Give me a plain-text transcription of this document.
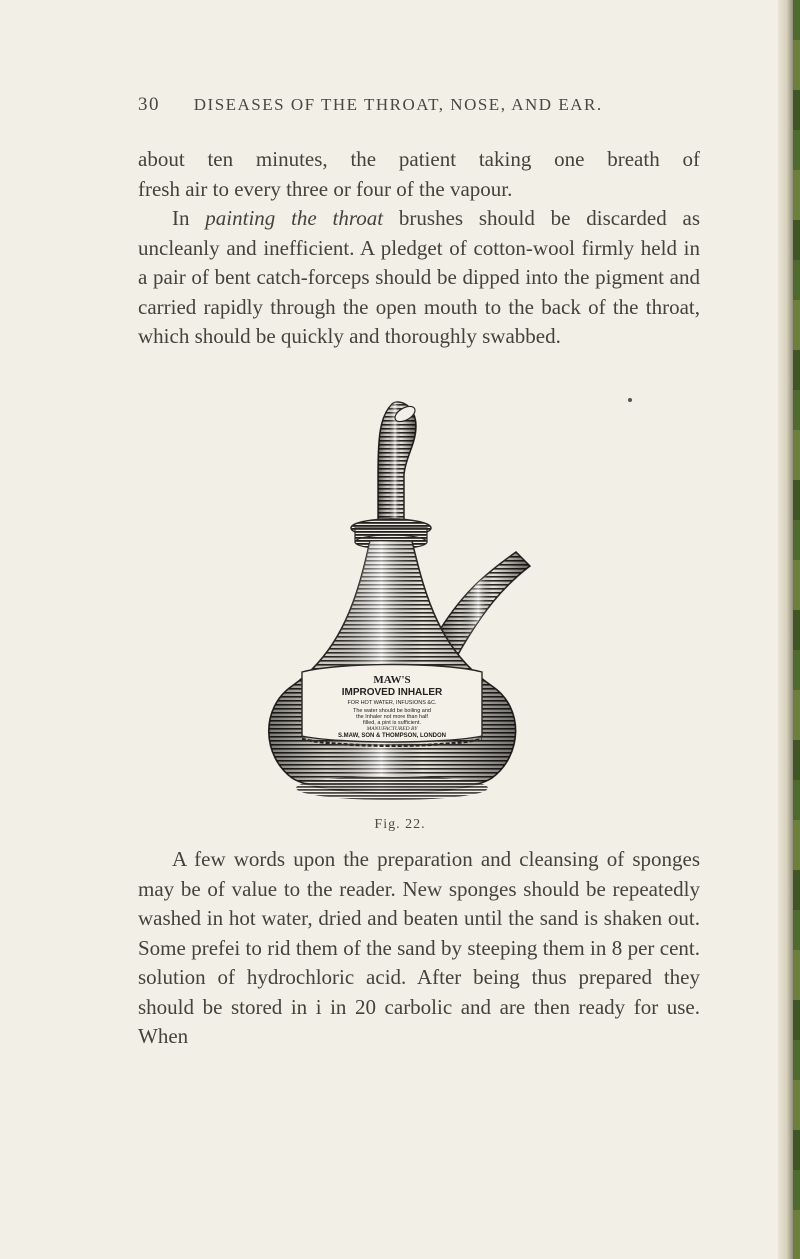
30 DISEASES OF THE THROAT, NOSE, AND EAR.

about ten minutes, the patient taking one breath of

fresh air to every three or four of the vapour.

In painting the throat brushes should be discarded as uncleanly and inefficient. A pledget of cotton-wool firmly held in a pair of bent catch-forceps should be dipped into the pigment and carried rapidly through the open mouth to the back of the throat, which should be quickly and thoroughly swabbed.

MAW'S
IMPROVED INHALER
FOR HOT WATER, INFUSIONS &C.
The water should be boiling and
the Inhaler not more than half
filled, a pint is sufficient.
MANUFACTURED BY
S.MAW, SON & THOMPSON, LONDON
Fig. 22.

A few words upon the preparation and cleansing of sponges may be of value to the reader. New sponges should be repeatedly washed in hot water, dried and beaten until the sand is shaken out. Some prefei to rid them of the sand by steeping them in 8 per cent. solution of hydrochloric acid. After being thus prepared they should be stored in i in 20 carbolic and are then ready for use. When
